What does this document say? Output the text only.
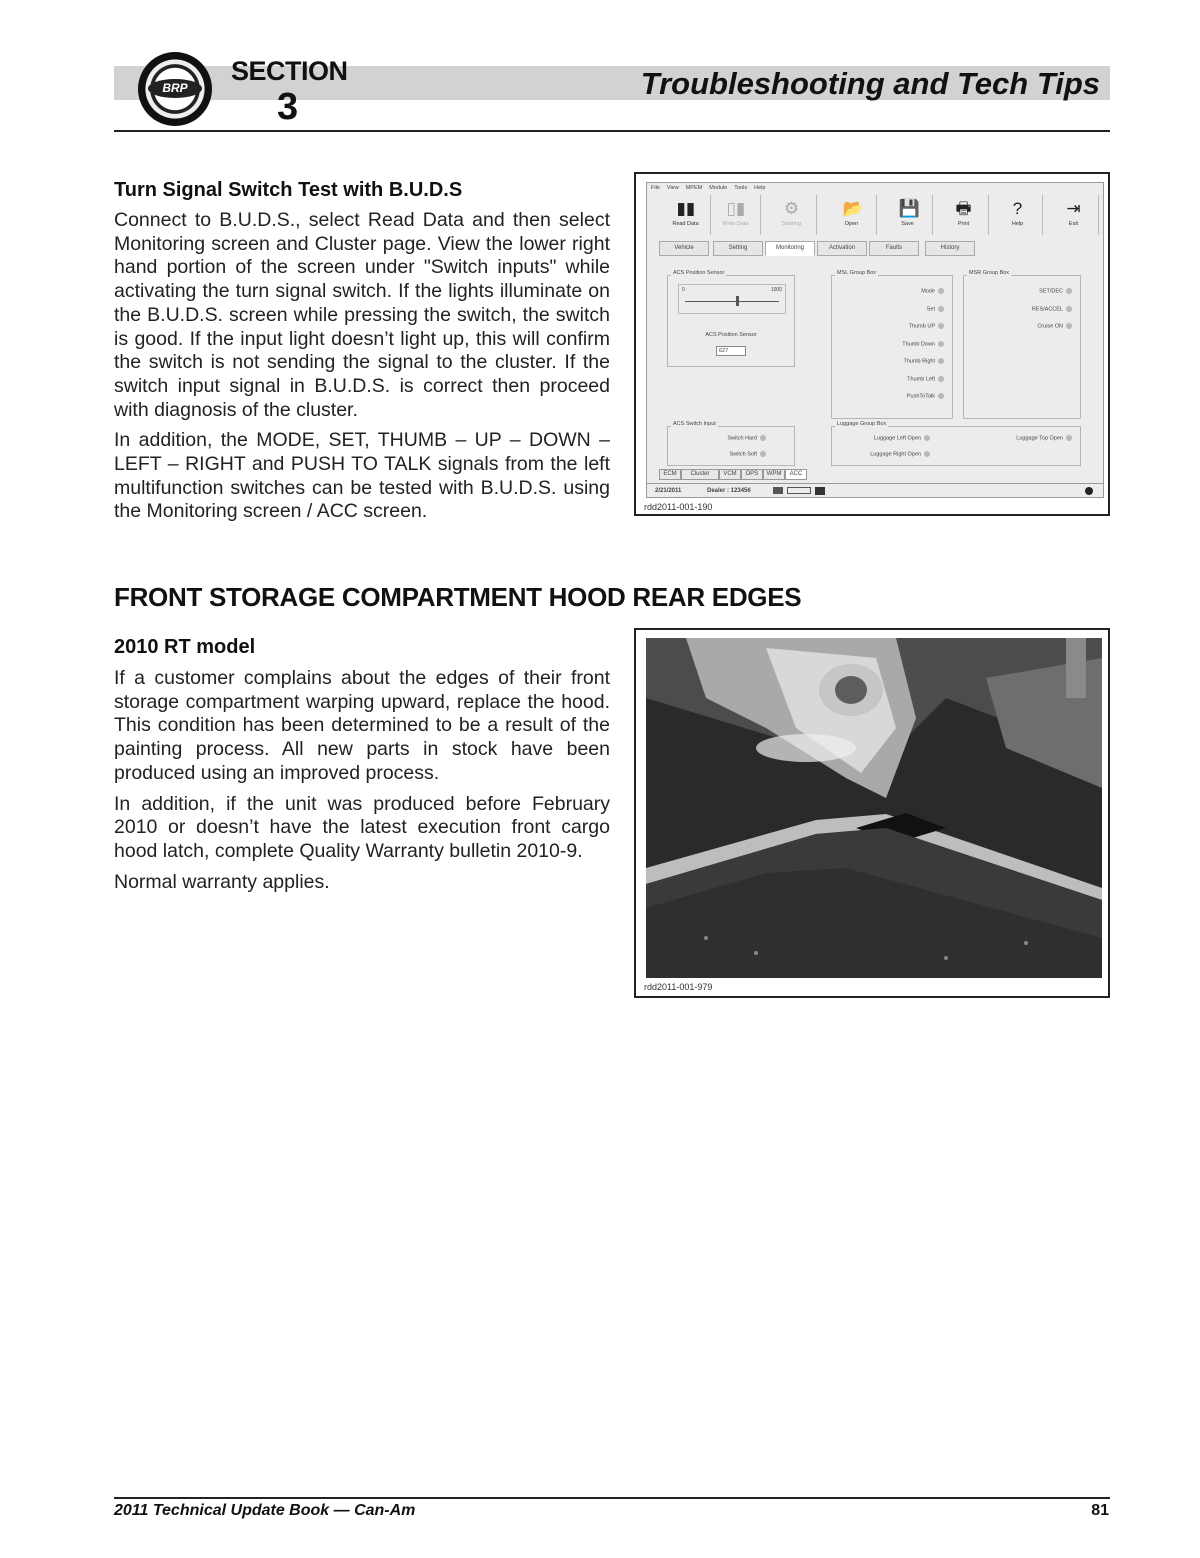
BRP
SECTION
3
Troubleshooting and Tech Tips
Turn Signal Switch Test with B.U.D.S

Connect to B.U.D.S., select Read Data and then select Monitoring screen and Cluster page. View the lower right hand portion of the screen under "Switch inputs" while activating the turn signal switch. If the lights illuminate on the B.U.D.S. screen while pressing the switch, the switch is good. If the input light doesn’t light up, this will confirm the switch is not sending the signal to the cluster. If the switch input signal in B.U.D.S. is correct then proceed with diagnosis of the cluster.

In addition, the MODE, SET, THUMB – UP – DOWN – LEFT – RIGHT and PUSH TO TALK signals from the left multifunction switches can be tested with B.U.D.S. using the Monitoring screen / ACC screen.

File View MPEM Module Tools Help
▮▮
Read Data
▯▮
Write Data
⚙
Starting
📂
Open
💾
Save
🖶
Print
?
Help
⇥
Exit
Vehicle	Setting	Monitoring	Activation	Faults	History
ACS Position Sensor
0	1000
ACS Position Sensor
627
MSL Group Box
Mode
Set
Thumb UP
Thumb Down
Thumb Right
Thumb Left
PushToTalk
MSR Group Box
SET/DEC
RES/ACCEL
Cruise ON
ACS Switch Input
Switch Hard
Switch Soft
Luggage Group Box
Luggage Left Open
Luggage Right Open
Luggage Top Open
ECM	Cluster	VCM	DPS	WPM	ACC
2/21/2011	Dealer : 123456
rdd2011-001-190
FRONT STORAGE COMPARTMENT HOOD REAR EDGES
2010 RT model

If a customer complains about the edges of their front storage compartment warping upward, replace the hood. This condition has been determined to be a result of the painting process. All new parts in stock have been produced using an improved process.

In addition, if the unit was produced before February 2010 or doesn’t have the latest execution front cargo hood latch, complete Quality Warranty bulletin 2010-9.

Normal warranty applies.

rdd2011-001-979
2011 Technical Update Book — Can-Am	81
